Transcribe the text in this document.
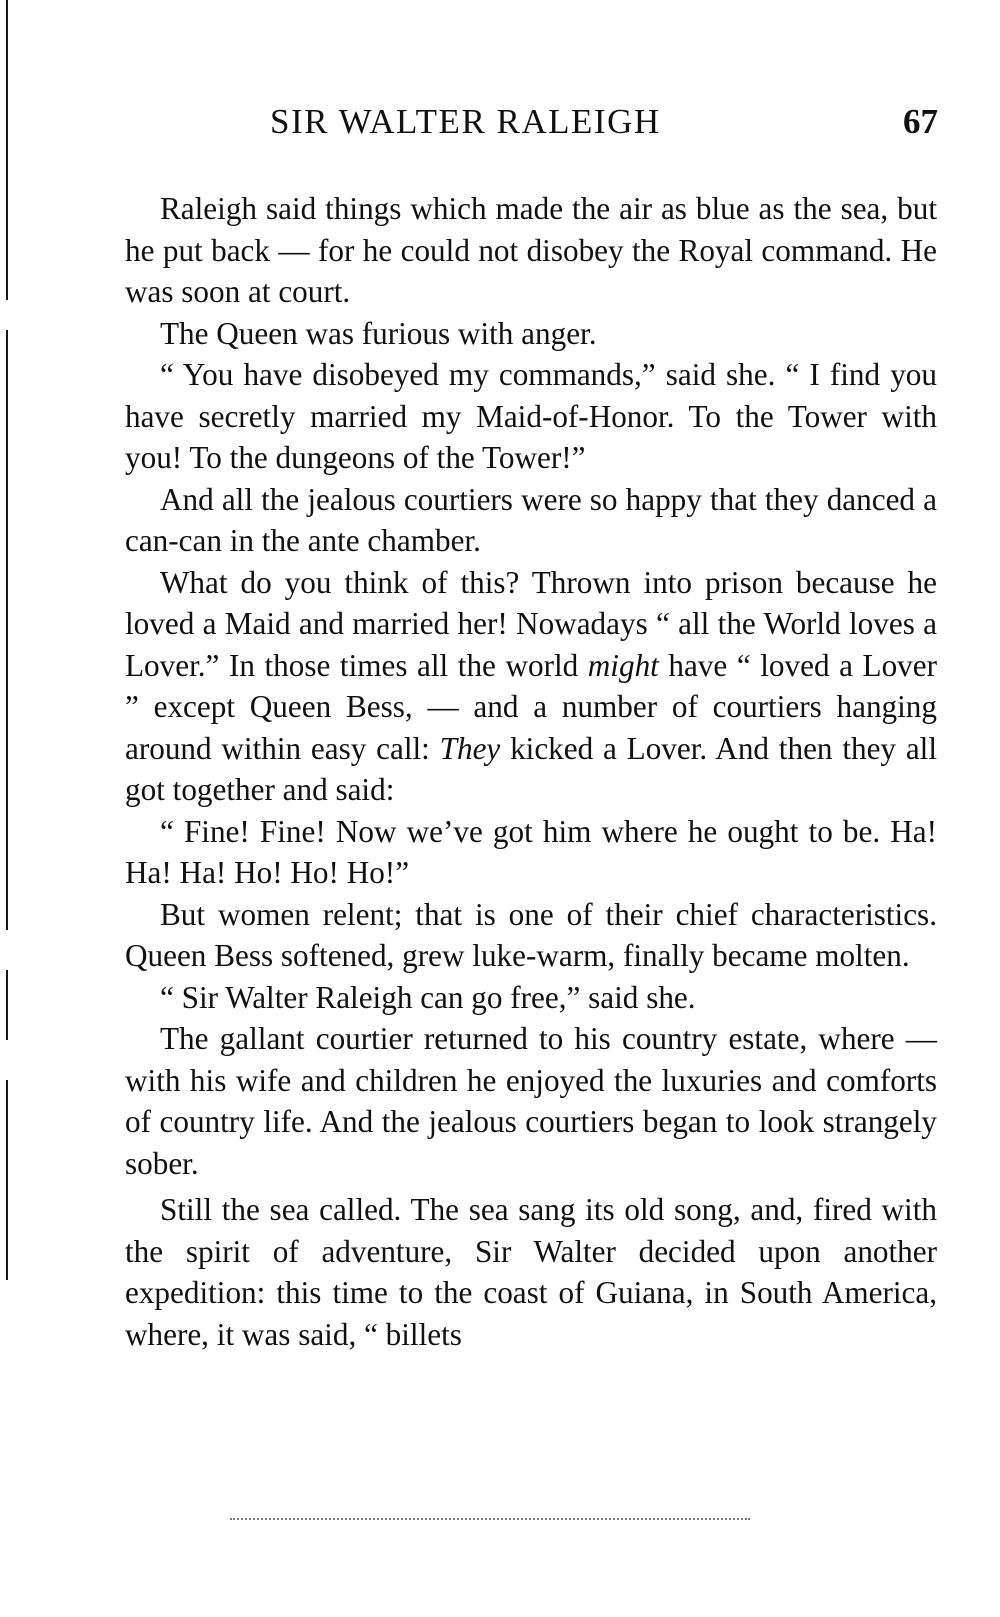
SIR WALTER RALEIGH	67

Raleigh said things which made the air as blue as the sea, but he put back — for he could not disobey the Royal command. He was soon at court.

The Queen was furious with anger.

“ You have disobeyed my commands,” said she. “ I find you have secretly married my Maid-of-Honor. To the Tower with you! To the dungeons of the Tower!”

And all the jealous courtiers were so happy that they danced a can-can in the ante chamber.

What do you think of this? Thrown into prison because he loved a Maid and married her! Nowadays “ all the World loves a Lover.” In those times all the world might have “ loved a Lover ” except Queen Bess, — and a number of courtiers hanging around within easy call: They kicked a Lover. And then they all got together and said:

“ Fine! Fine! Now we’ve got him where he ought to be. Ha! Ha! Ha! Ho! Ho! Ho!”

But women relent; that is one of their chief characteristics. Queen Bess softened, grew luke-warm, finally became molten.

“ Sir Walter Raleigh can go free,” said she.

The gallant courtier returned to his country estate, where — with his wife and children he enjoyed the luxuries and comforts of country life. And the jealous courtiers began to look strangely sober.

Still the sea called. The sea sang its old song, and, fired with the spirit of adventure, Sir Walter decided upon another expedition: this time to the coast of Guiana, in South America, where, it was said, “ billets
